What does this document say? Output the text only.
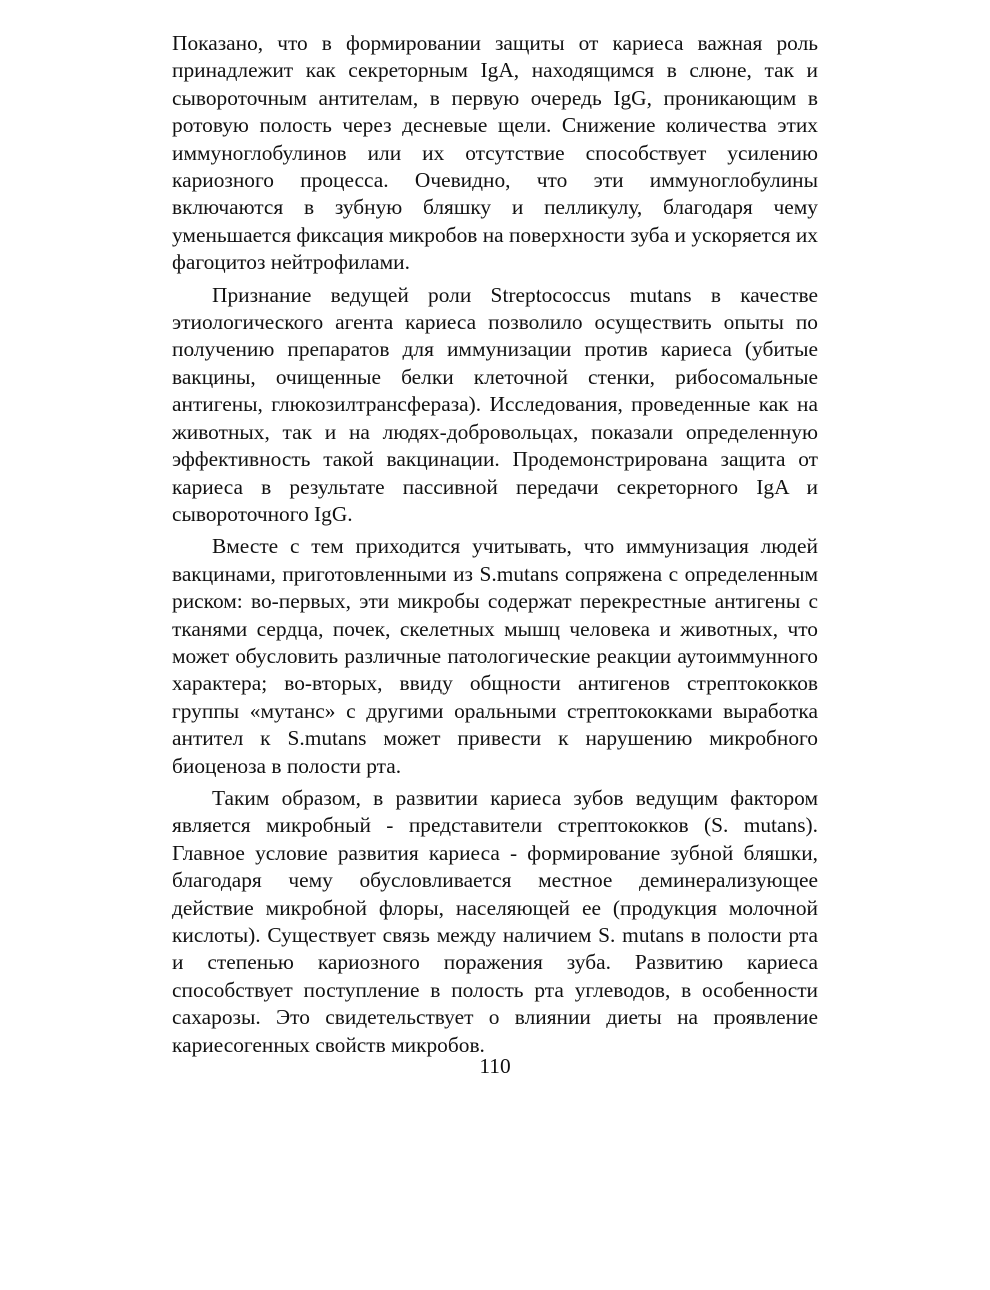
Показано, что в формировании защиты от кариеса важная роль принадлежит как секреторным IgA, находящимся в слюне, так и сывороточным антителам, в первую очередь IgG, проникающим в ротовую полость через десневые щели. Снижение количества этих иммуноглобулинов или их отсутствие способствует усилению кариозного процесса. Очевидно, что эти иммуноглобулины включаются в зубную бляшку и пелликулу, благодаря чему уменьшается фиксация микробов на поверхности зуба и ускоряется их фагоцитоз нейтрофилами.

Признание ведущей роли Streptococcus mutans в качестве этиологического агента кариеса позволило осуществить опыты по получению препаратов для иммунизации против кариеса (убитые вакцины, очищенные белки клеточной стенки, рибосомальные антигены, глюкозилтрансфераза). Исследования, проведенные как на животных, так и на людях-добровольцах, показали определенную эффективность такой вакцинации. Продемонстрирована защита от кариеса в результате пассивной передачи секреторного IgA и сывороточного IgG.

Вместе с тем приходится учитывать, что иммунизация людей вакцинами, приготовленными из S.mutans сопряжена с определенным риском: во-первых, эти микробы содержат перекрестные антигены с тканями сердца, почек, скелетных мышц человека и животных, что может обусловить различные патологические реакции аутоиммунного характера; во-вторых, ввиду общности антигенов стрептококков группы «мутанс» с другими оральными стрептококками выработка антител к S.mutans может привести к нарушению микробного биоценоза в полости рта.

Таким образом, в развитии кариеса зубов ведущим фактором является микробный - представители стрептококков (S. mutans). Главное условие развития кариеса - формирование зубной бляшки, благодаря чему обусловливается местное деминерализующее действие микробной флоры, населяющей ее (продукция молочной кислоты). Существует связь между наличием S. mutans в полости рта и степенью кариозного поражения зуба. Развитию кариеса способствует поступление в полость рта углеводов, в особенности сахарозы. Это свидетельствует о влиянии диеты на проявление кариесогенных свойств микробов.

110
